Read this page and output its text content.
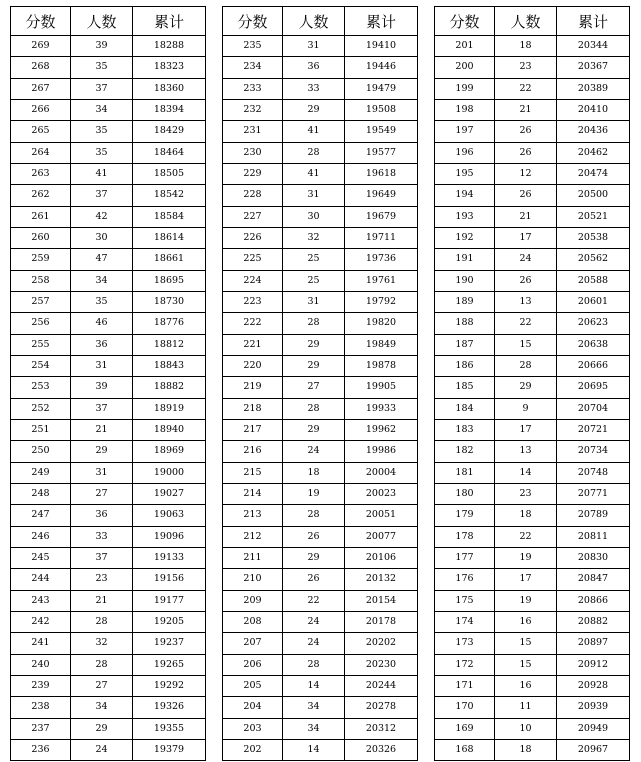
分数	人数	累计
269	39	18288
268	35	18323
267	37	18360
266	34	18394
265	35	18429
264	35	18464
263	41	18505
262	37	18542
261	42	18584
260	30	18614
259	47	18661
258	34	18695
257	35	18730
256	46	18776
255	36	18812
254	31	18843
253	39	18882
252	37	18919
251	21	18940
250	29	18969
249	31	19000
248	27	19027
247	36	19063
246	33	19096
245	37	19133
244	23	19156
243	21	19177
242	28	19205
241	32	19237
240	28	19265
239	27	19292
238	34	19326
237	29	19355
236	24	19379
分数	人数	累计
235	31	19410
234	36	19446
233	33	19479
232	29	19508
231	41	19549
230	28	19577
229	41	19618
228	31	19649
227	30	19679
226	32	19711
225	25	19736
224	25	19761
223	31	19792
222	28	19820
221	29	19849
220	29	19878
219	27	19905
218	28	19933
217	29	19962
216	24	19986
215	18	20004
214	19	20023
213	28	20051
212	26	20077
211	29	20106
210	26	20132
209	22	20154
208	24	20178
207	24	20202
206	28	20230
205	14	20244
204	34	20278
203	34	20312
202	14	20326
分数	人数	累计
201	18	20344
200	23	20367
199	22	20389
198	21	20410
197	26	20436
196	26	20462
195	12	20474
194	26	20500
193	21	20521
192	17	20538
191	24	20562
190	26	20588
189	13	20601
188	22	20623
187	15	20638
186	28	20666
185	29	20695
184	9	20704
183	17	20721
182	13	20734
181	14	20748
180	23	20771
179	18	20789
178	22	20811
177	19	20830
176	17	20847
175	19	20866
174	16	20882
173	15	20897
172	15	20912
171	16	20928
170	11	20939
169	10	20949
168	18	20967
